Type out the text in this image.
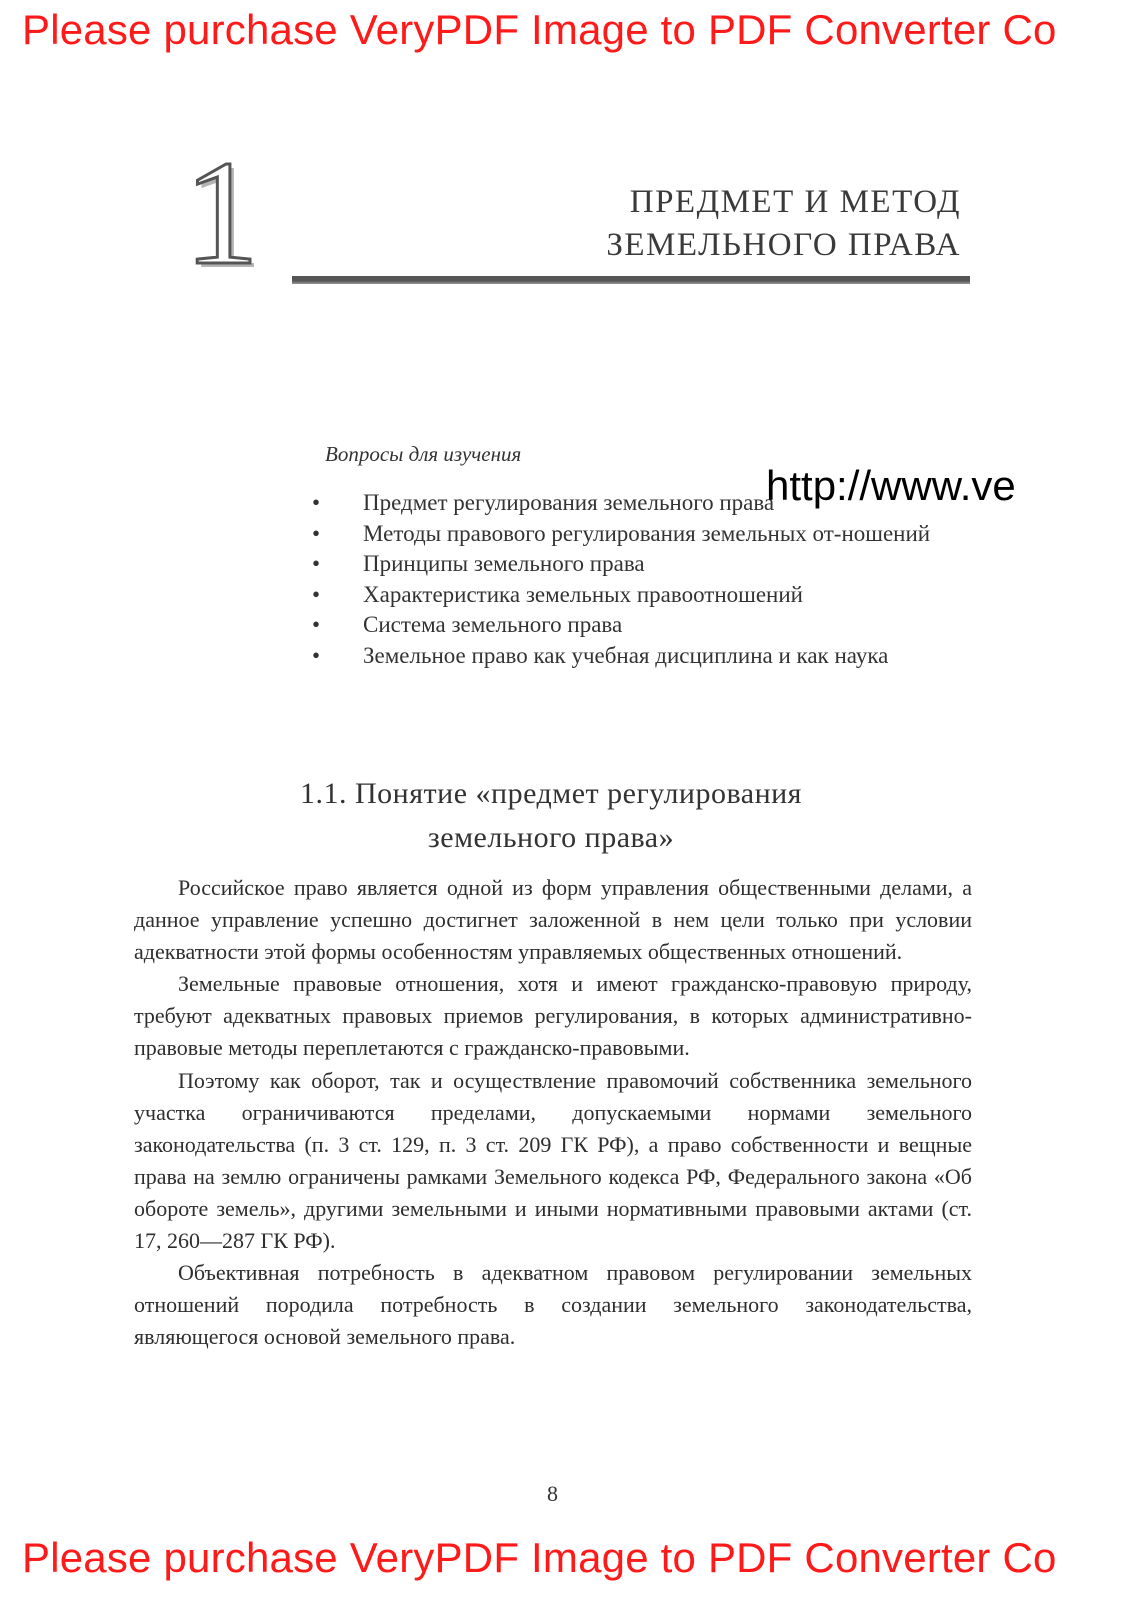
Please purchase VeryPDF Image to PDF Converter Co
1	ПРЕДМЕТ И МЕТОД
ЗЕМЕЛЬНОГО ПРАВА
Вопросы для изучения
• Предмет регулирования земельного права
• Методы правового регулирования земельных от-ношений
• Принципы земельного права
• Характеристика земельных правоотношений
• Система земельного права
• Земельное право как учебная дисциплина и как наука
http://www.ve
1.1. Понятие «предмет регулирования
земельного права»

Российское право является одной из форм управления общественными делами, а данное управление успешно достигнет заложенной в нем цели только при условии адекватности этой формы особенностям управляемых общественных отношений.

Земельные правовые отношения, хотя и имеют гражданско-правовую природу, требуют адекватных правовых приемов регулирования, в которых административно-правовые методы переплетаются с гражданско-правовыми.

Поэтому как оборот, так и осуществление правомочий собственника земельного участка ограничиваются пределами, допускаемыми нормами земельного законодательства (п. 3 ст. 129, п. 3 ст. 209 ГК РФ), а право собственности и вещные права на землю ограничены рамками Земельного кодекса РФ, Федерального закона «Об обороте земель», другими земельными и иными нормативными правовыми актами (ст. 17, 260—287 ГК РФ).

Объективная потребность в адекватном правовом регулировании земельных отношений породила потребность в создании земельного законодательства, являющегося основой земельного права.

8
Please purchase VeryPDF Image to PDF Converter Co
